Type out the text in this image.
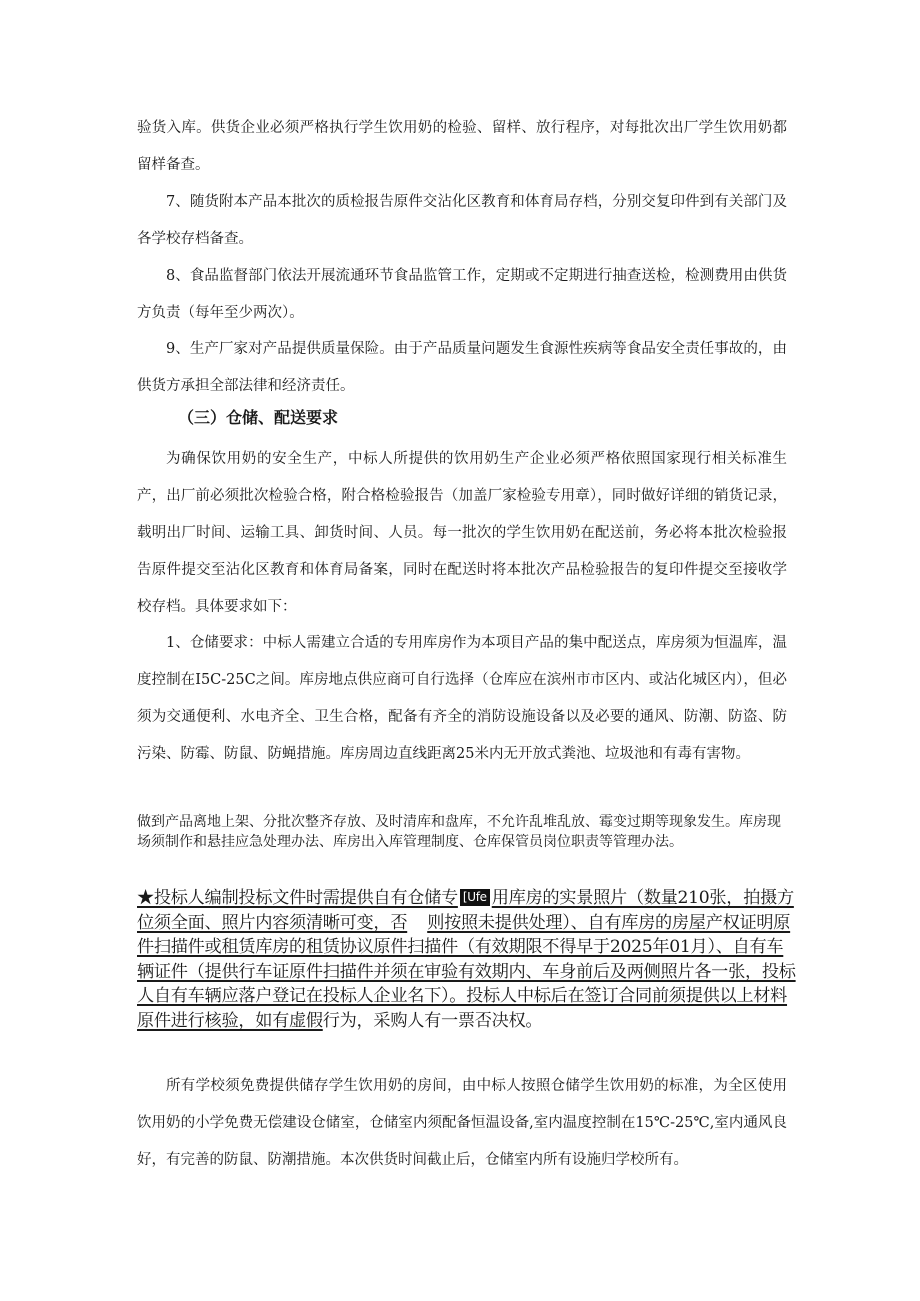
验货入库。供货企业必须严格执行学生饮用奶的检验、留样、放行程序，对每批次出厂学生饮用奶都留样备查。

7、随货附本产品本批次的质检报告原件交沾化区教育和体育局存档，分别交复印件到有关部门及各学校存档备查。

8、食品监督部门依法开展流通环节食品监管工作，定期或不定期进行抽查送检，检测费用由供货方负责（每年至少两次）。

9、生产厂家对产品提供质量保险。由于产品质量问题发生食源性疾病等食品安全责任事故的，由供货方承担全部法律和经济责任。

（三）仓储、配送要求

为确保饮用奶的安全生产，中标人所提供的饮用奶生产企业必须严格依照国家现行相关标准生产，出厂前必须批次检验合格，附合格检验报告（加盖厂家检验专用章），同时做好详细的销货记录，载明出厂时间、运输工具、卸货时间、人员。每一批次的学生饮用奶在配送前，务必将本批次检验报告原件提交至沾化区教育和体育局备案，同时在配送时将本批次产品检验报告的复印件提交至接收学校存档。具体要求如下：

1、仓储要求：中标人需建立合适的专用库房作为本项目产品的集中配送点，库房须为恒温库，温度控制在I5C-25C之间。库房地点供应商可自行选择（仓库应在滨州市市区内、或沾化城区内），但必须为交通便利、水电齐全、卫生合格，配备有齐全的消防设施设备以及必要的通风、防潮、防盗、防污染、防霉、防鼠、防蝇措施。库房周边直线距离25米内无开放式粪池、垃圾池和有毒有害物。

做到产品离地上架、分批次整齐存放、及时清库和盘库，不允许乱堆乱放、霉变过期等现象发生。库房现场须制作和悬挂应急处理办法、库房出入库管理制度、仓库保管员岗位职责等管理办法。

★投标人编制投标文件时需提供自有仓储专 [Ufe 用库房的实景照片（数量210张，拍摄方位须全面、照片内容须清晰可变，否 则按照未提供处理）、自有库房的房屋产权证明原件扫描件或租赁库房的租赁协议原件扫描件（有效期限不得早于2025年01月）、自有车辆证件（提供行车证原件扫描件并须在审验有效期内、车身前后及两侧照片各一张，投标人自有车辆应落户登记在投标人企业名下）。投标人中标后在签订合同前须提供以上材料原件进行核验，如有虚假行为，采购人有一票否决权。

所有学校须免费提供储存学生饮用奶的房间，由中标人按照仓储学生饮用奶的标准，为全区使用饮用奶的小学免费无偿建设仓储室，仓储室内须配备恒温设备,室内温度控制在15℃-25℃,室内通风良好，有完善的防鼠、防潮措施。本次供货时间截止后，仓储室内所有设施归学校所有。
